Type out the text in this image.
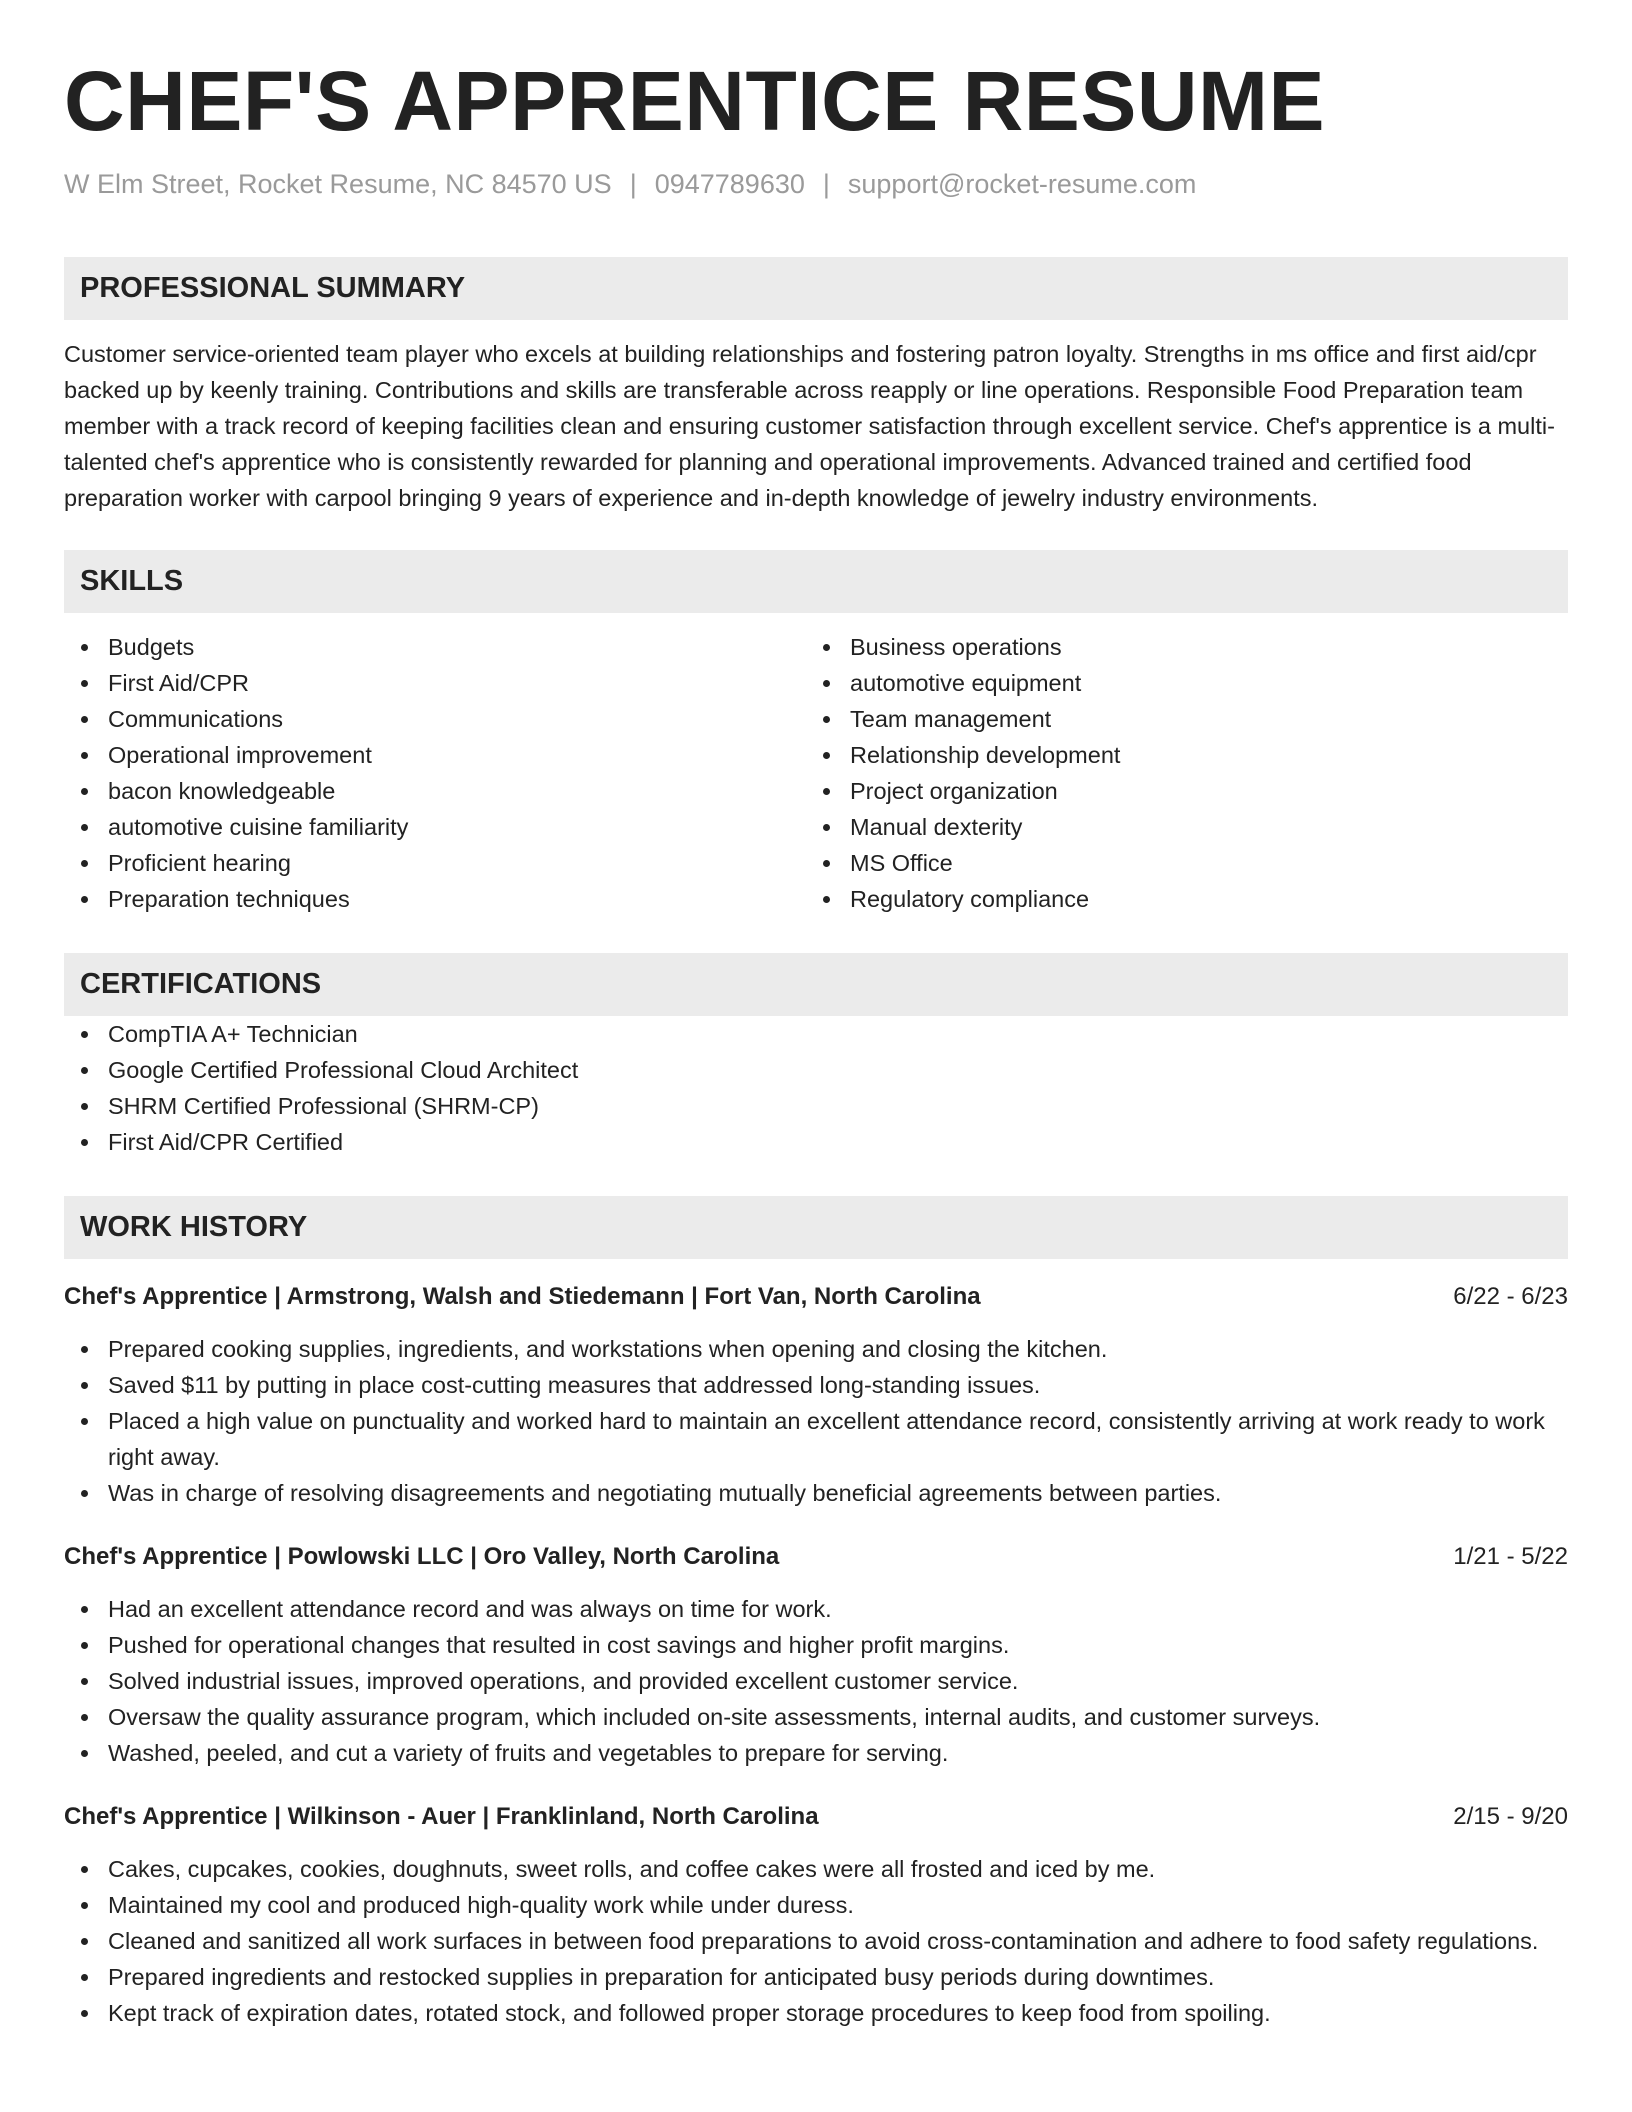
CHEF'S APPRENTICE RESUME
W Elm Street, Rocket Resume, NC 84570 US | 0947789630 | support@rocket-resume.com
PROFESSIONAL SUMMARY

Customer service-oriented team player who excels at building relationships and fostering patron loyalty. Strengths in ms office and first aid/cpr backed up by keenly training. Contributions and skills are transferable across reapply or line operations. Responsible Food Preparation team member with a track record of keeping facilities clean and ensuring customer satisfaction through excellent service. Chef's apprentice is a multi-talented chef's apprentice who is consistently rewarded for planning and operational improvements. Advanced trained and certified food preparation worker with carpool bringing 9 years of experience and in-depth knowledge of jewelry industry environments.

SKILLS
Budgets
First Aid/CPR
Communications
Operational improvement
bacon knowledgeable
automotive cuisine familiarity
Proficient hearing
Preparation techniques
Business operations
automotive equipment
Team management
Relationship development
Project organization
Manual dexterity
MS Office
Regulatory compliance
CERTIFICATIONS
CompTIA A+ Technician
Google Certified Professional Cloud Architect
SHRM Certified Professional (SHRM-CP)
First Aid/CPR Certified
WORK HISTORY
Chef's Apprentice | Armstrong, Walsh and Stiedemann | Fort Van, North Carolina	6/22 - 6/23
Prepared cooking supplies, ingredients, and workstations when opening and closing the kitchen.
Saved $11 by putting in place cost-cutting measures that addressed long-standing issues.
Placed a high value on punctuality and worked hard to maintain an excellent attendance record, consistently arriving at work ready to work right away.
Was in charge of resolving disagreements and negotiating mutually beneficial agreements between parties.
Chef's Apprentice | Powlowski LLC | Oro Valley, North Carolina	1/21 - 5/22
Had an excellent attendance record and was always on time for work.
Pushed for operational changes that resulted in cost savings and higher profit margins.
Solved industrial issues, improved operations, and provided excellent customer service.
Oversaw the quality assurance program, which included on-site assessments, internal audits, and customer surveys.
Washed, peeled, and cut a variety of fruits and vegetables to prepare for serving.
Chef's Apprentice | Wilkinson - Auer | Franklinland, North Carolina	2/15 - 9/20
Cakes, cupcakes, cookies, doughnuts, sweet rolls, and coffee cakes were all frosted and iced by me.
Maintained my cool and produced high-quality work while under duress.
Cleaned and sanitized all work surfaces in between food preparations to avoid cross-contamination and adhere to food safety regulations.
Prepared ingredients and restocked supplies in preparation for anticipated busy periods during downtimes.
Kept track of expiration dates, rotated stock, and followed proper storage procedures to keep food from spoiling.
